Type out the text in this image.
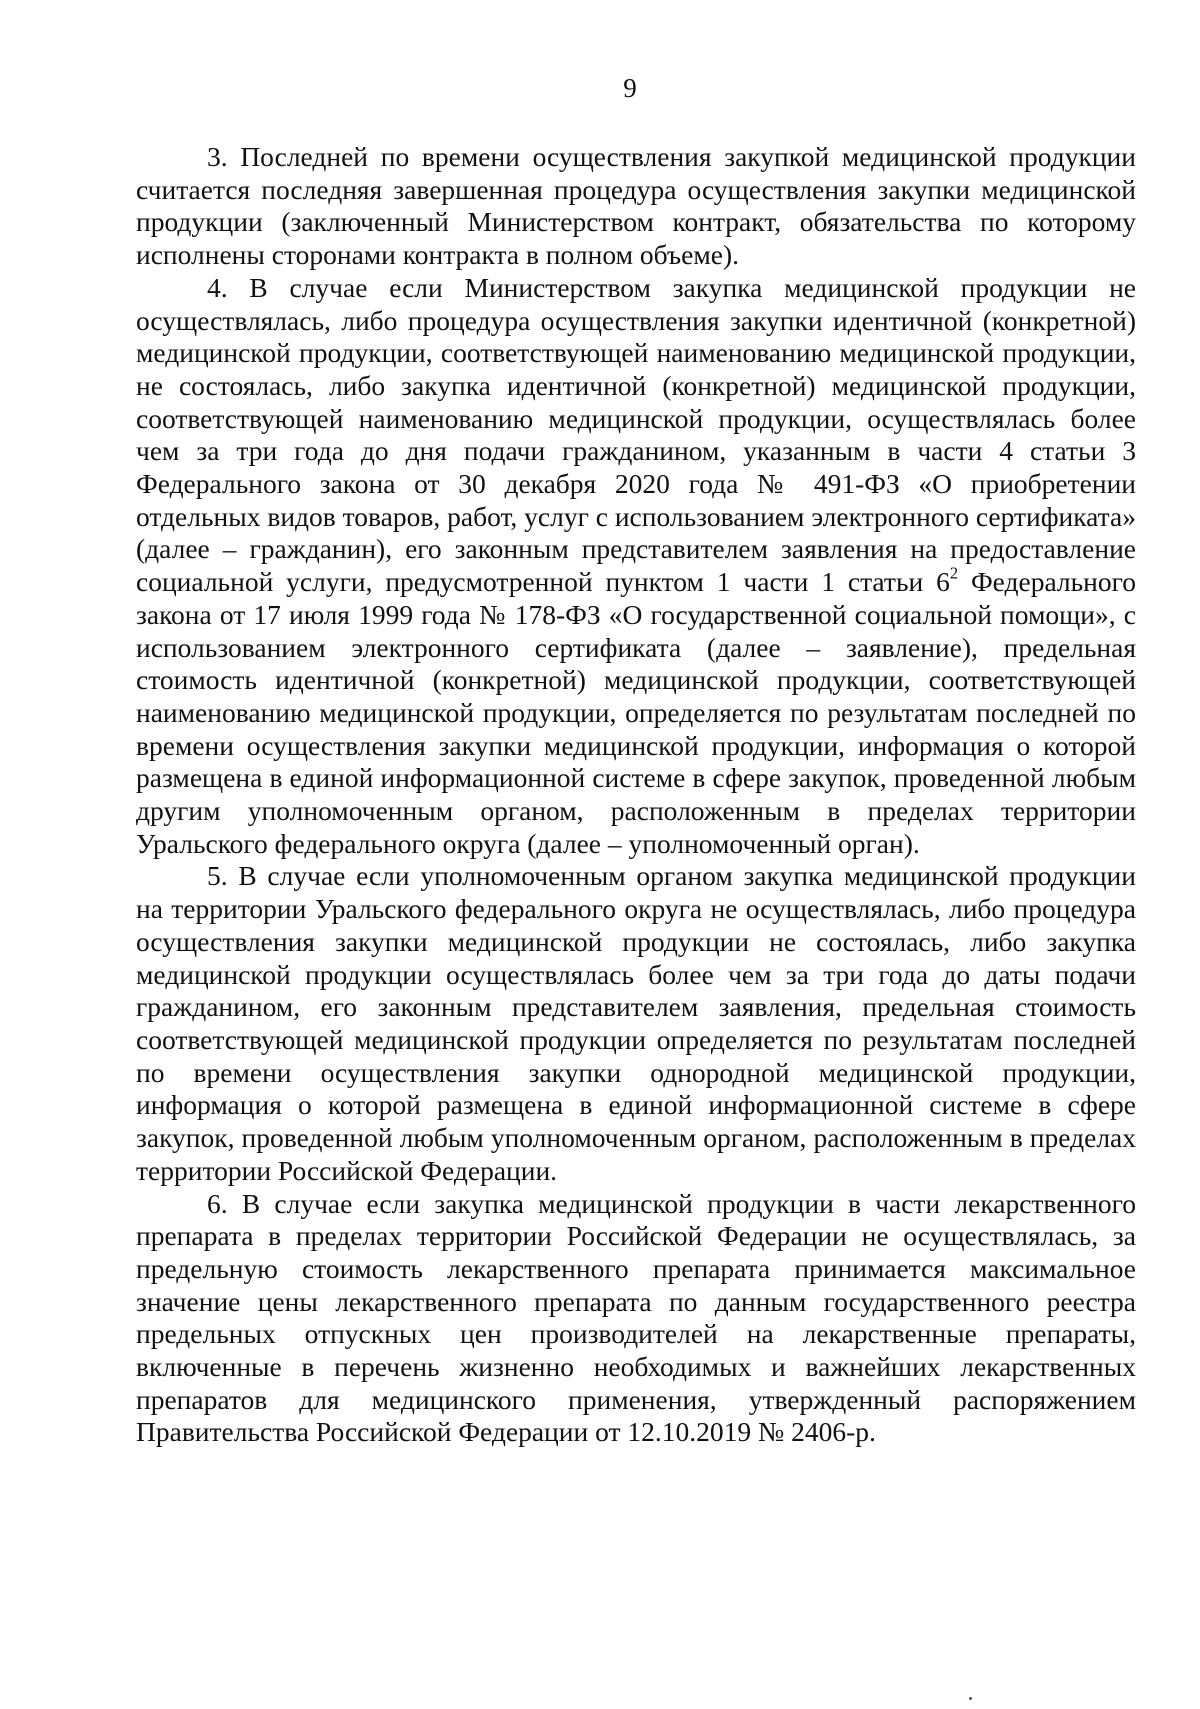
9

3. Последней по времени осуществления закупкой медицинской продукции считается последняя завершенная процедура осуществления закупки медицинской продукции (заключенный Министерством контракт, обязательства по которому исполнены сторонами контракта в полном объеме).

4. В случае если Министерством закупка медицинской продукции не осуществлялась, либо процедура осуществления закупки идентичной (конкретной) медицинской продукции, соответствующей наименованию медицинской продукции, не состоялась, либо закупка идентичной (конкретной) медицинской продукции, соответствующей наименованию медицинской продукции, осуществлялась более чем за три года до дня подачи гражданином, указанным в части 4 статьи 3 Федерального закона от 30 декабря 2020 года № 491-ФЗ «О приобретении отдельных видов товаров, работ, услуг с использованием электронного сертификата» (далее – гражданин), его законным представителем заявления на предоставление социальной услуги, предусмотренной пунктом 1 части 1 статьи $6^2$ Федерального закона от 17 июля 1999 года № 178-ФЗ «О государственной социальной помощи», с использованием электронного сертификата (далее – заявление), предельная стоимость идентичной (конкретной) медицинской продукции, соответствующей наименованию медицинской продукции, определяется по результатам последней по времени осуществления закупки медицинской продукции, информация о которой размещена в единой информационной системе в сфере закупок, проведенной любым другим уполномоченным органом, расположенным в пределах территории Уральского федерального округа (далее – уполномоченный орган).

5. В случае если уполномоченным органом закупка медицинской продукции на территории Уральского федерального округа не осуществлялась, либо процедура осуществления закупки медицинской продукции не состоялась, либо закупка медицинской продукции осуществлялась более чем за три года до даты подачи гражданином, его законным представителем заявления, предельная стоимость соответствующей медицинской продукции определяется по результатам последней по времени осуществления закупки однородной медицинской продукции, информация о которой размещена в единой информационной системе в сфере закупок, проведенной любым уполномоченным органом, расположенным в пределах территории Российской Федерации.

6. В случае если закупка медицинской продукции в части лекарственного препарата в пределах территории Российской Федерации не осуществлялась, за предельную стоимость лекарственного препарата принимается максимальное значение цены лекарственного препарата по данным государственного реестра предельных отпускных цен производителей на лекарственные препараты, включенные в перечень жизненно необходимых и важнейших лекарственных препаратов для медицинского применения, утвержденный распоряжением Правительства Российской Федерации от 12.10.2019 № 2406-р.
